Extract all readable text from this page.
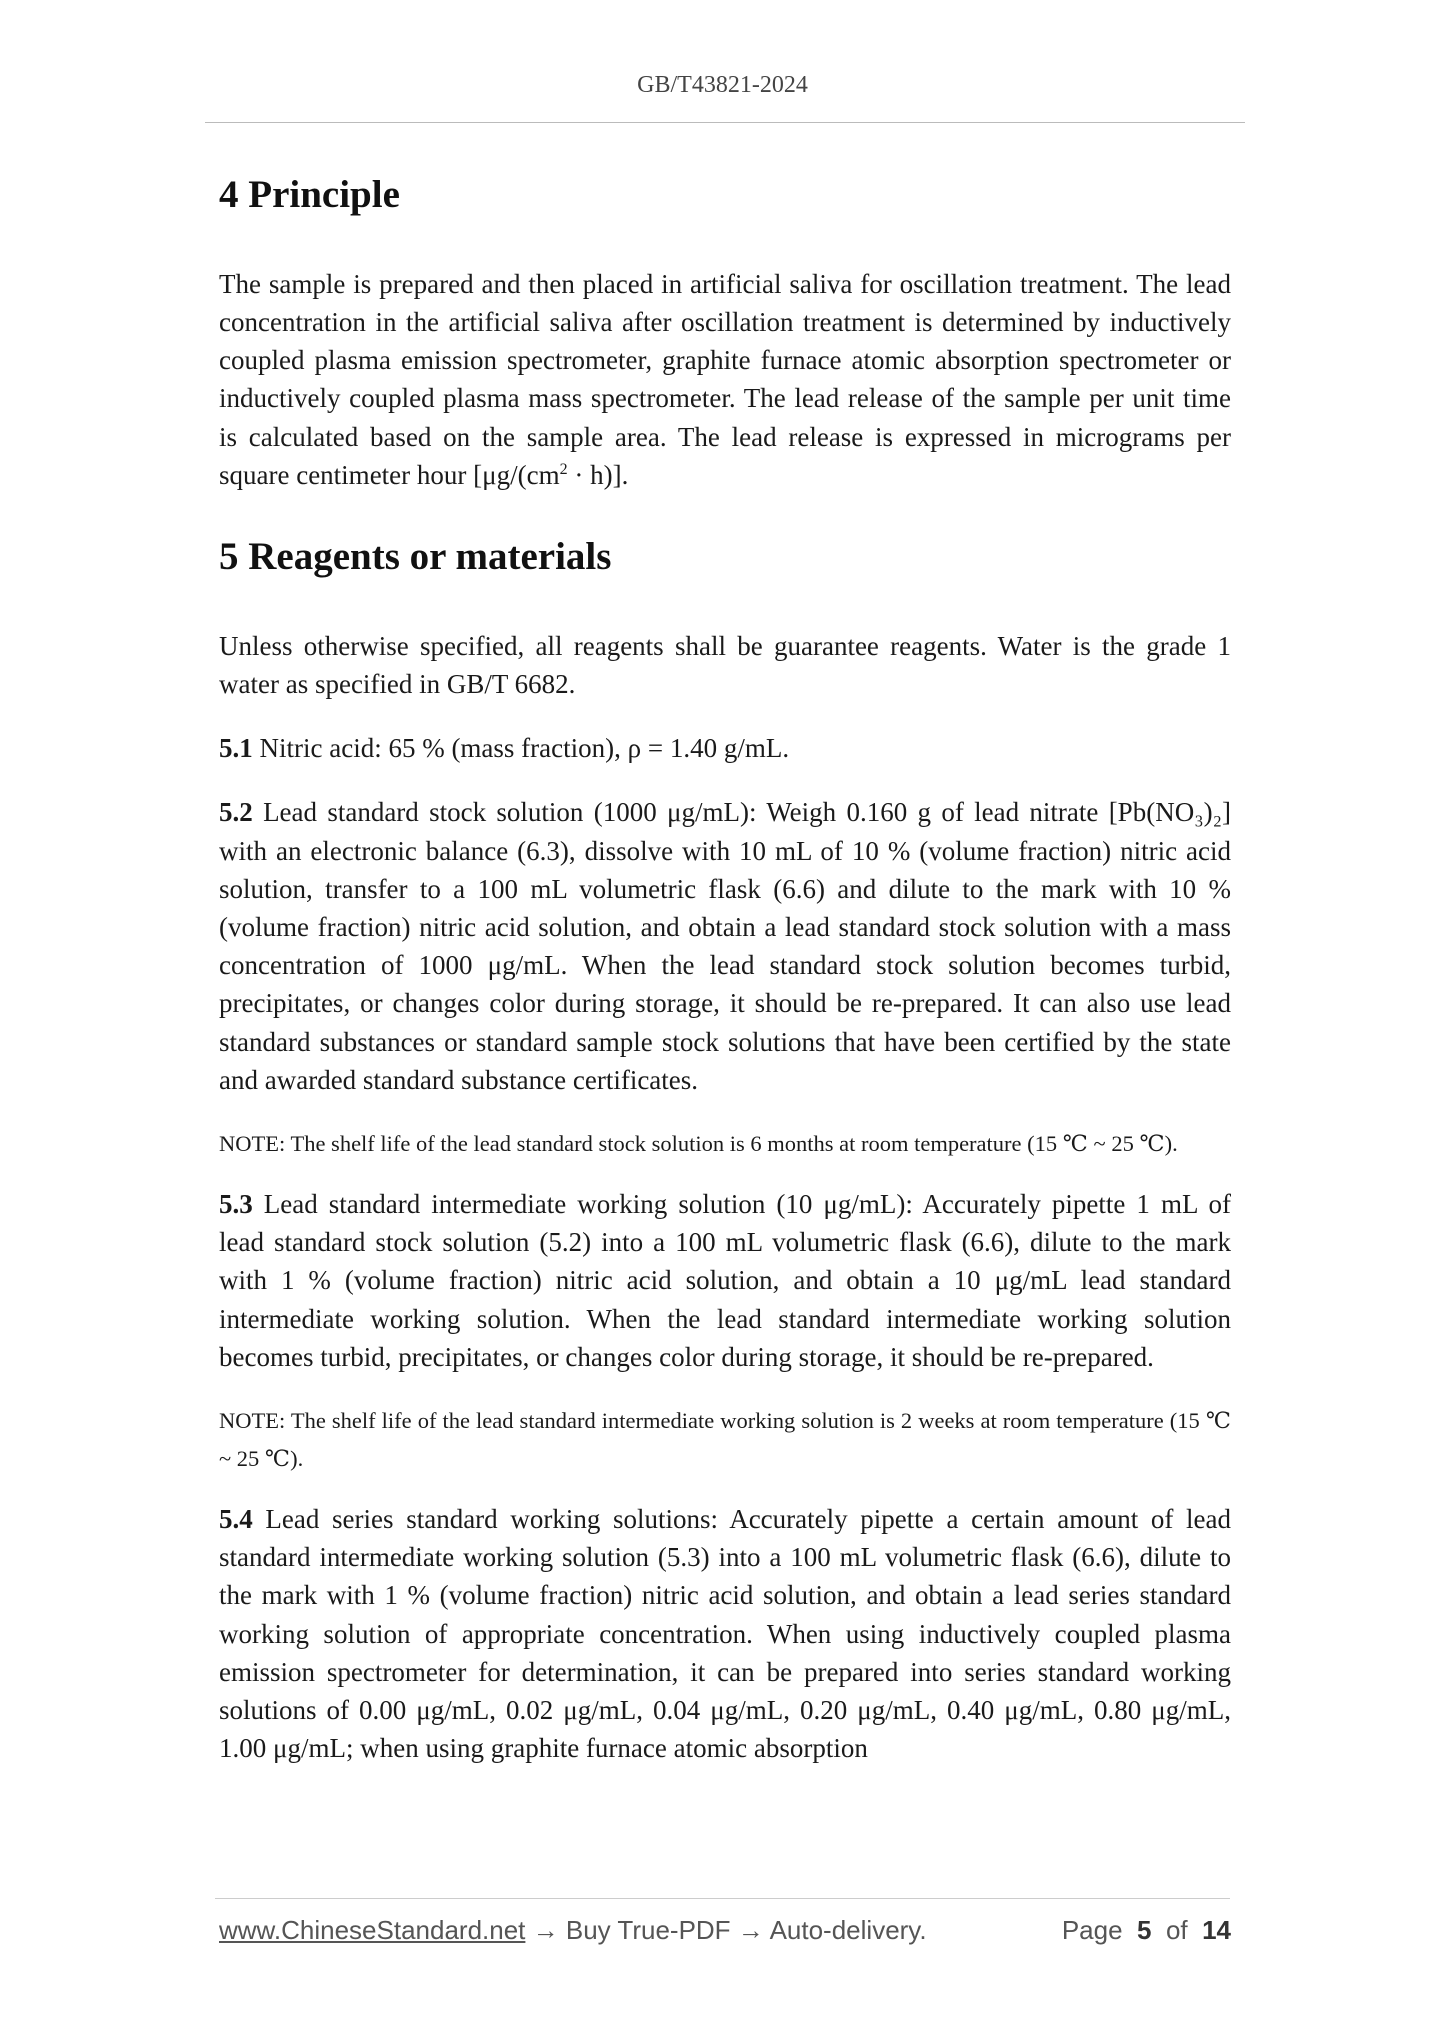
GB/T43821-2024
4 Principle

The sample is prepared and then placed in artificial saliva for oscillation treatment. The lead concentration in the artificial saliva after oscillation treatment is determined by inductively coupled plasma emission spectrometer, graphite furnace atomic absorption spectrometer or inductively coupled plasma mass spectrometer. The lead release of the sample per unit time is calculated based on the sample area. The lead release is expressed in micrograms per square centimeter hour $[\mu g/(cm^2 \cdot h)]$.

5 Reagents or materials

Unless otherwise specified, all reagents shall be guarantee reagents. Water is the grade 1 water as specified in GB/T 6682.

5.1 Nitric acid: 65 % (mass fraction), ρ = 1.40 g/mL.

5.2 Lead standard stock solution (1000 μg/mL): Weigh 0.160 g of lead nitrate [Pb(NO₃)₂] with an electronic balance (6.3), dissolve with 10 mL of 10 % (volume fraction) nitric acid solution, transfer to a 100 mL volumetric flask (6.6) and dilute to the mark with 10 % (volume fraction) nitric acid solution, and obtain a lead standard stock solution with a mass concentration of 1000 μg/mL. When the lead standard stock solution becomes turbid, precipitates, or changes color during storage, it should be re-prepared. It can also use lead standard substances or standard sample stock solutions that have been certified by the state and awarded standard substance certificates.

NOTE: The shelf life of the lead standard stock solution is 6 months at room temperature (15 ℃ ~ 25 ℃).

5.3 Lead standard intermediate working solution (10 μg/mL): Accurately pipette 1 mL of lead standard stock solution (5.2) into a 100 mL volumetric flask (6.6), dilute to the mark with 1 % (volume fraction) nitric acid solution, and obtain a 10 μg/mL lead standard intermediate working solution. When the lead standard intermediate working solution becomes turbid, precipitates, or changes color during storage, it should be re-prepared.

NOTE: The shelf life of the lead standard intermediate working solution is 2 weeks at room temperature (15 ℃ ~ 25 ℃).

5.4 Lead series standard working solutions: Accurately pipette a certain amount of lead standard intermediate working solution (5.3) into a 100 mL volumetric flask (6.6), dilute to the mark with 1 % (volume fraction) nitric acid solution, and obtain a lead series standard working solution of appropriate concentration. When using inductively coupled plasma emission spectrometer for determination, it can be prepared into series standard working solutions of 0.00 μg/mL, 0.02 μg/mL, 0.04 μg/mL, 0.20 μg/mL, 0.40 μg/mL, 0.80 μg/mL, 1.00 μg/mL; when using graphite furnace atomic absorption

www.ChineseStandard.net → Buy True-PDF → Auto-delivery.	Page 5 of 14
